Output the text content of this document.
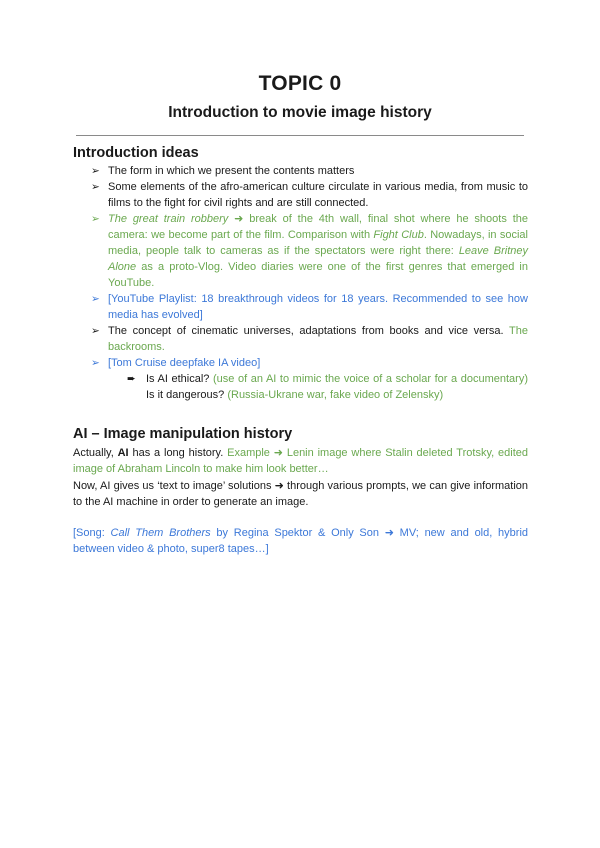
TOPIC 0
Introduction to movie image history
Introduction ideas
➢ The form in which we present the contents matters
➢ Some elements of the afro-american culture circulate in various media, from music to films to the fight for civil rights and are still connected.
➢ The great train robbery ➜ break of the 4th wall, final shot where he shoots the camera: we become part of the film. Comparison with Fight Club. Nowadays, in social media, people talk to cameras as if the spectators were right there: Leave Britney Alone as a proto-Vlog. Video diaries were one of the first genres that emerged in YouTube.
➢ [YouTube Playlist: 18 breakthrough videos for 18 years. Recommended to see how media has evolved]
➢ The concept of cinematic universes, adaptations from books and vice versa. The backrooms.
➢ [Tom Cruise deepfake IA video]
➨ Is AI ethical? (use of an AI to mimic the voice of a scholar for a documentary) Is it dangerous? (Russia-Ukrane war, fake video of Zelensky)
AI – Image manipulation history
Actually, AI has a long history. Example ➜ Lenin image where Stalin deleted Trotsky, edited image of Abraham Lincoln to make him look better…
Now, AI gives us ‘text to image’ solutions ➜ through various prompts, we can give information to the AI machine in order to generate an image.
[Song: Call Them Brothers by Regina Spektor & Only Son ➜ MV; new and old, hybrid between video & photo, super8 tapes…]
